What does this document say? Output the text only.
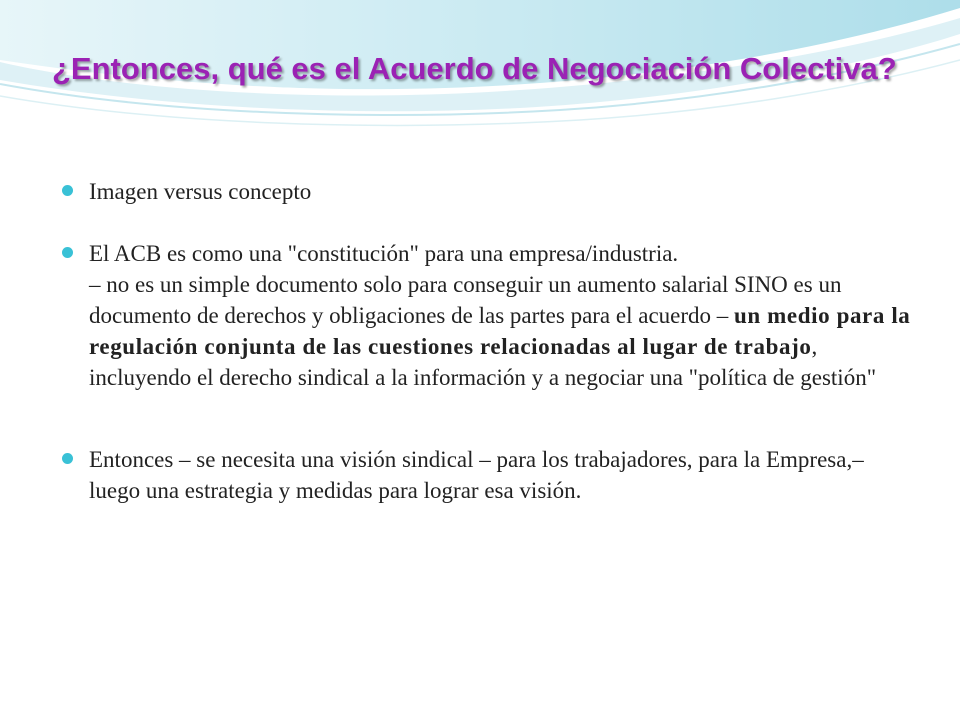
¿Entonces, qué es el Acuerdo de Negociación Colectiva?
Imagen versus concepto
El ACB es como una "constitución" para una empresa/industria.
– no es un simple documento solo para conseguir un aumento salarial SINO es un documento de derechos y obligaciones de las partes para el acuerdo – un medio para la regulación conjunta de las cuestiones relacionadas al lugar de trabajo, incluyendo el derecho sindical a la información y a negociar una "política de gestión"
Entonces – se necesita una visión sindical – para los trabajadores, para la Empresa,– luego una estrategia y medidas para lograr esa visión.
